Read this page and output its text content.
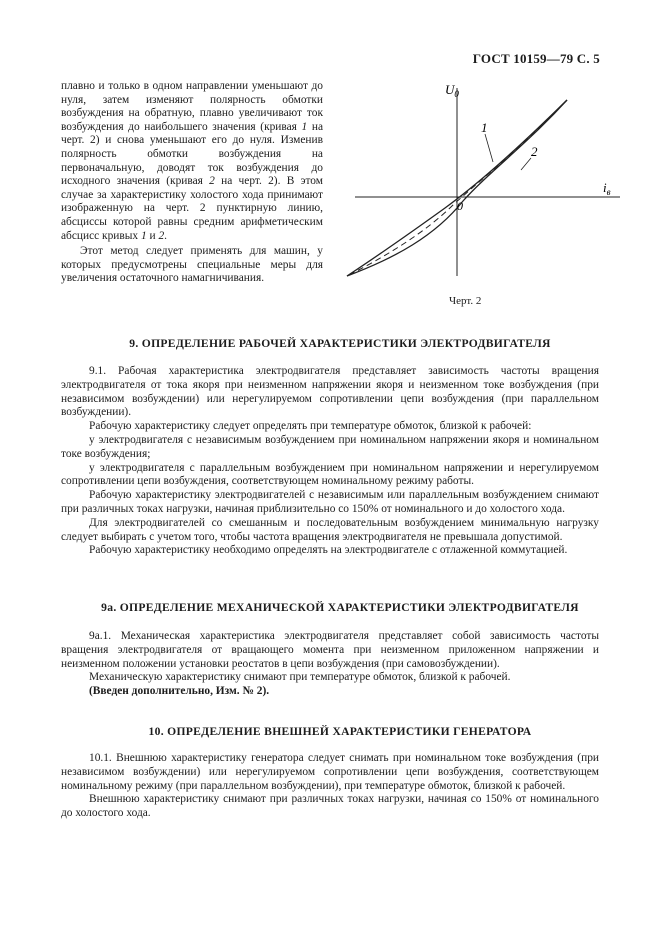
ГОСТ 10159—79 С. 5

плавно и только в одном направлении уменьшают до нуля, затем изменяют полярность обмотки возбуждения на обратную, плавно увеличивают ток возбуждения до наибольшего значения (кривая 1 на черт. 2) и снова уменьшают его до нуля. Изменив полярность обмотки возбуждения на первоначальную, доводят ток возбуждения до исходного значения (кривая 2 на черт. 2). В этом случае за характеристику холостого хода принимают изображенную на черт. 2 пунктирную линию, абсциссы которой равны средним арифметическим абсцисс кривых 1 и 2.

Этот метод следует применять для машин, у которых предусмотрены специальные меры для увеличения остаточного намагничивания.

$U_0$
$i_в$
0
1
2
Черт. 2
9. ОПРЕДЕЛЕНИЕ РАБОЧЕЙ ХАРАКТЕРИСТИКИ ЭЛЕКТРОДВИГАТЕЛЯ

9.1. Рабочая характеристика электродвигателя представляет зависимость частоты вращения электродвигателя от тока якоря при неизменном напряжении якоря и неизменном токе возбуждения (при независимом возбуждении) или нерегулируемом сопротивлении цепи возбуждения (при параллельном возбуждении).

Рабочую характеристику следует определять при температуре обмоток, близкой к рабочей:

у электродвигателя с независимым возбуждением при номинальном напряжении якоря и номинальном токе возбуждения;

у электродвигателя с параллельным возбуждением при номинальном напряжении и нерегулируемом сопротивлении цепи возбуждения, соответствующем номинальному режиму работы.

Рабочую характеристику электродвигателей с независимым или параллельным возбуждением снимают при различных токах нагрузки, начиная приблизительно со 150% от номинального и до холостого хода.

Для электродвигателей со смешанным и последовательным возбуждением минимальную нагрузку следует выбирать с учетом того, чтобы частота вращения электродвигателя не превышала допустимой.

Рабочую характеристику необходимо определять на электродвигателе с отлаженной коммутацией.

9а. ОПРЕДЕЛЕНИЕ МЕХАНИЧЕСКОЙ ХАРАКТЕРИСТИКИ ЭЛЕКТРОДВИГАТЕЛЯ

9а.1. Механическая характеристика электродвигателя представляет собой зависимость частоты вращения электродвигателя от вращающего момента при неизменном приложенном напряжении и неизменном положении установки реостатов в цепи возбуждения (при самовозбуждении).

Механическую характеристику снимают при температуре обмоток, близкой к рабочей.

(Введен дополнительно, Изм. № 2).

10. ОПРЕДЕЛЕНИЕ ВНЕШНЕЙ ХАРАКТЕРИСТИКИ ГЕНЕРАТОРА

10.1. Внешнюю характеристику генератора следует снимать при номинальном токе возбуждения (при независимом возбуждении) или нерегулируемом сопротивлении цепи возбуждения, соответствующем номинальному режиму (при параллельном возбуждении), при температуре обмоток, близкой к рабочей.

Внешнюю характеристику снимают при различных токах нагрузки, начиная со 150% от номинального до холостого хода.
